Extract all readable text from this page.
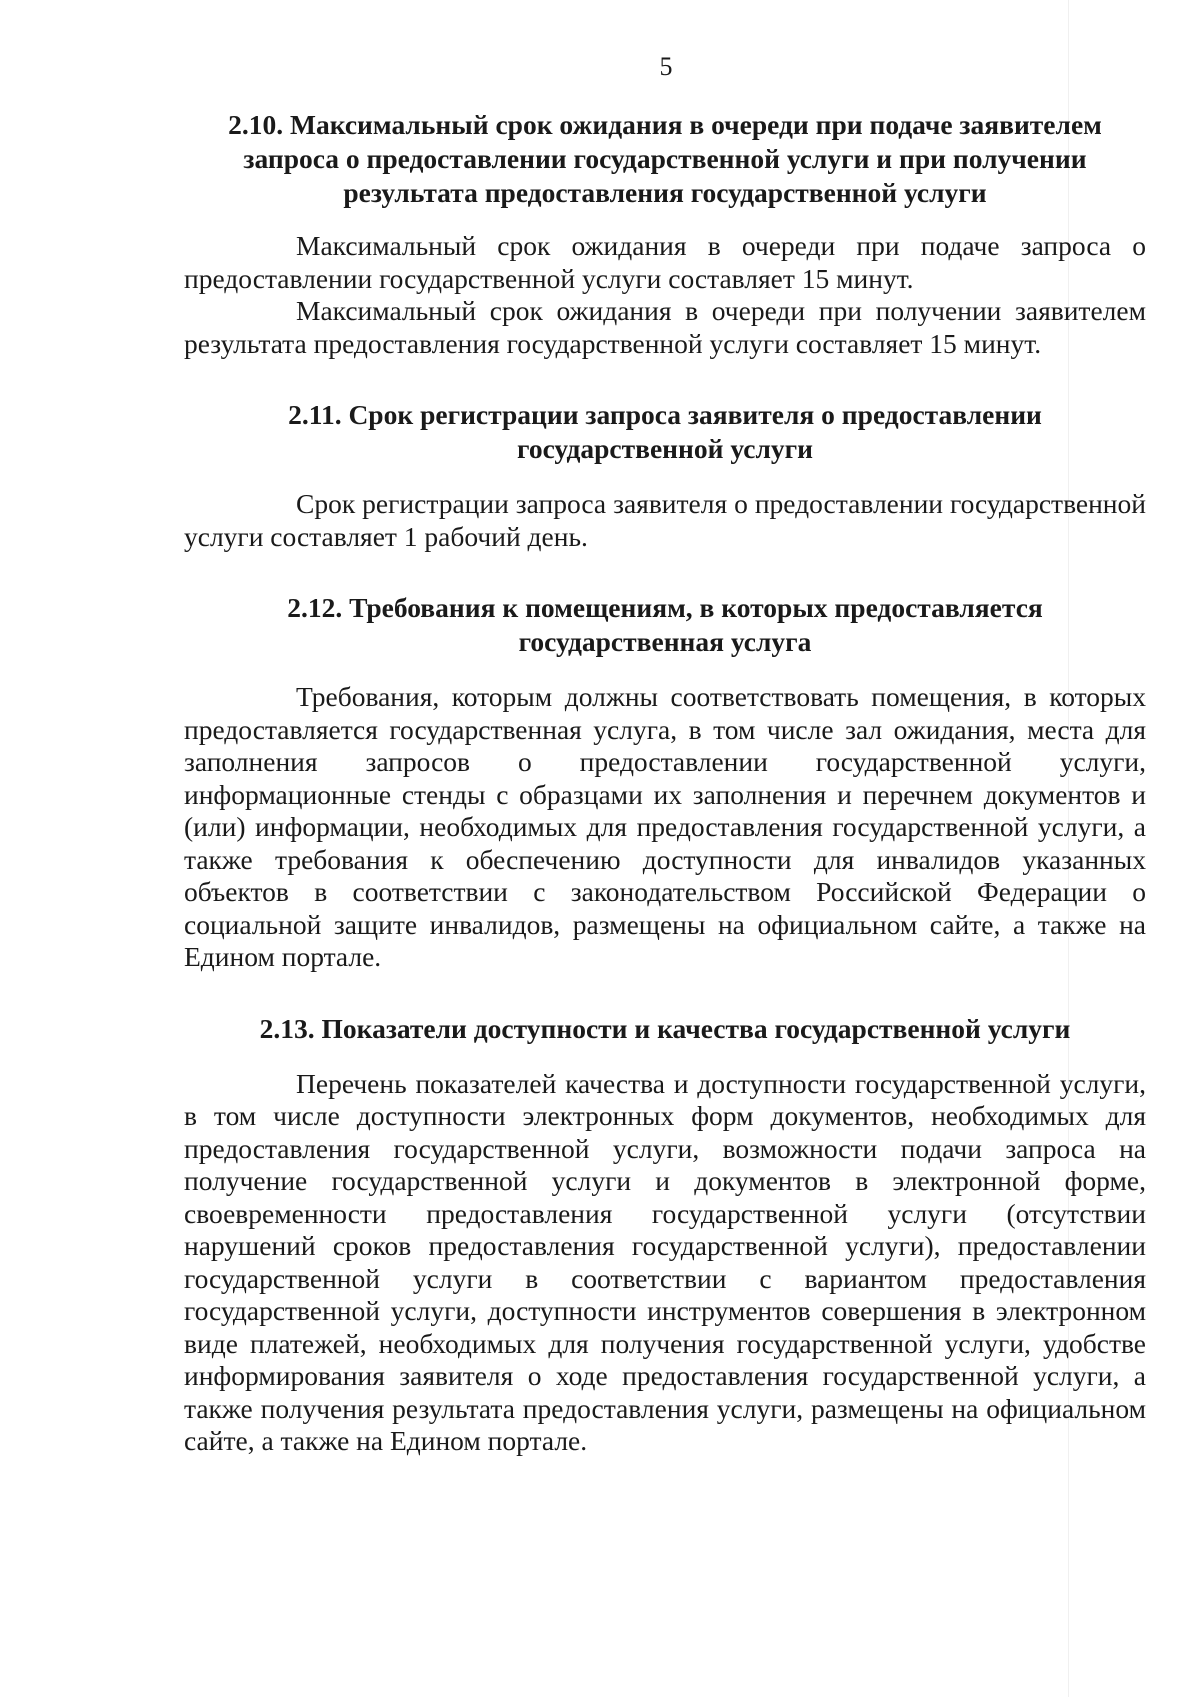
5
2.10. Максимальный срок ожидания в очереди при подаче заявителем запроса о предоставлении государственной услуги и при получении результата предоставления государственной услуги

Максимальный срок ожидания в очереди при подаче запроса о предоставлении государственной услуги составляет 15 минут.

Максимальный срок ожидания в очереди при получении заявителем результата предоставления государственной услуги составляет 15 минут.

2.11. Срок регистрации запроса заявителя о предоставлении государственной услуги

Срок регистрации запроса заявителя о предоставлении государственной услуги составляет 1 рабочий день.

2.12. Требования к помещениям, в которых предоставляется государственная услуга

Требования, которым должны соответствовать помещения, в которых предоставляется государственная услуга, в том числе зал ожидания, места для заполнения запросов о предоставлении государственной услуги, информационные стенды с образцами их заполнения и перечнем документов и (или) информации, необходимых для предоставления государственной услуги, а также требования к обеспечению доступности для инвалидов указанных объектов в соответствии с законодательством Российской Федерации о социальной защите инвалидов, размещены на официальном сайте, а также на Едином портале.

2.13. Показатели доступности и качества государственной услуги

Перечень показателей качества и доступности государственной услуги, в том числе доступности электронных форм документов, необходимых для предоставления государственной услуги, возможности подачи запроса на получение государственной услуги и документов в электронной форме, своевременности предоставления государственной услуги (отсутствии нарушений сроков предоставления государственной услуги), предоставлении государственной услуги в соответствии с вариантом предоставления государственной услуги, доступности инструментов совершения в электронном виде платежей, необходимых для получения государственной услуги, удобстве информирования заявителя о ходе предоставления государственной услуги, а также получения результата предоставления услуги, размещены на официальном сайте, а также на Едином портале.
